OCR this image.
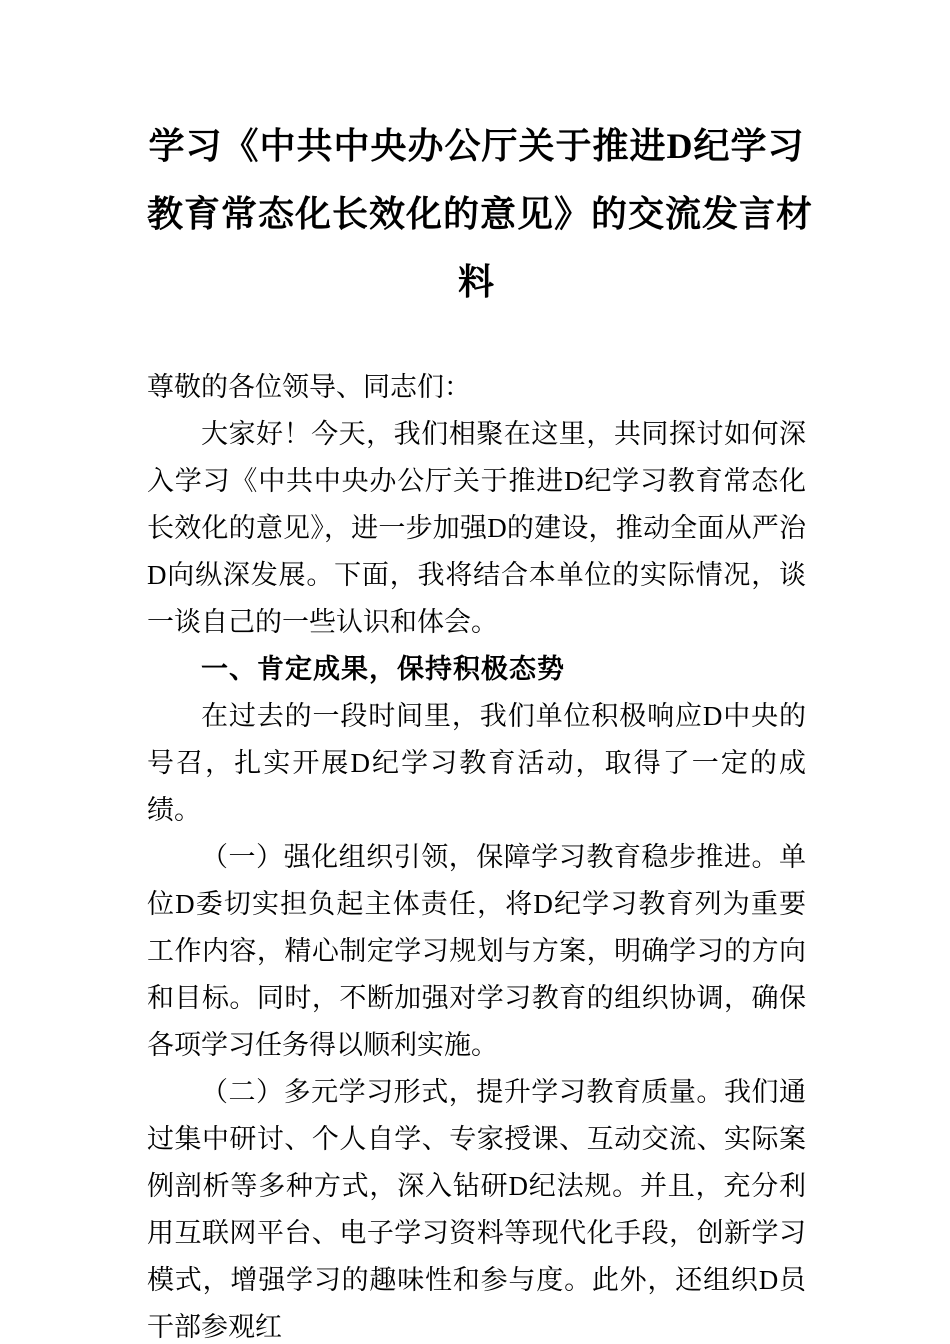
学习《中共中央办公厅关于推进D纪学习
教育常态化长效化的意见》的交流发言材
料

尊敬的各位领导、同志们：

大家好！今天，我们相聚在这里，共同探讨如何深入学习《中共中央办公厅关于推进D纪学习教育常态化长效化的意见》，进一步加强D的建设，推动全面从严治D向纵深发展。下面，我将结合本单位的实际情况，谈一谈自己的一些认识和体会。

一、肯定成果，保持积极态势

在过去的一段时间里，我们单位积极响应D中央的号召，扎实开展D纪学习教育活动，取得了一定的成绩。

（一）强化组织引领，保障学习教育稳步推进。单位D委切实担负起主体责任，将D纪学习教育列为重要工作内容，精心制定学习规划与方案，明确学习的方向和目标。同时，不断加强对学习教育的组织协调，确保各项学习任务得以顺利实施。

（二）多元学习形式，提升学习教育质量。我们通过集中研讨、个人自学、专家授课、互动交流、实际案例剖析等多种方式，深入钻研D纪法规。并且，充分利用互联网平台、电子学习资料等现代化手段，创新学习模式，增强学习的趣味性和参与度。此外，还组织D员干部参观红
